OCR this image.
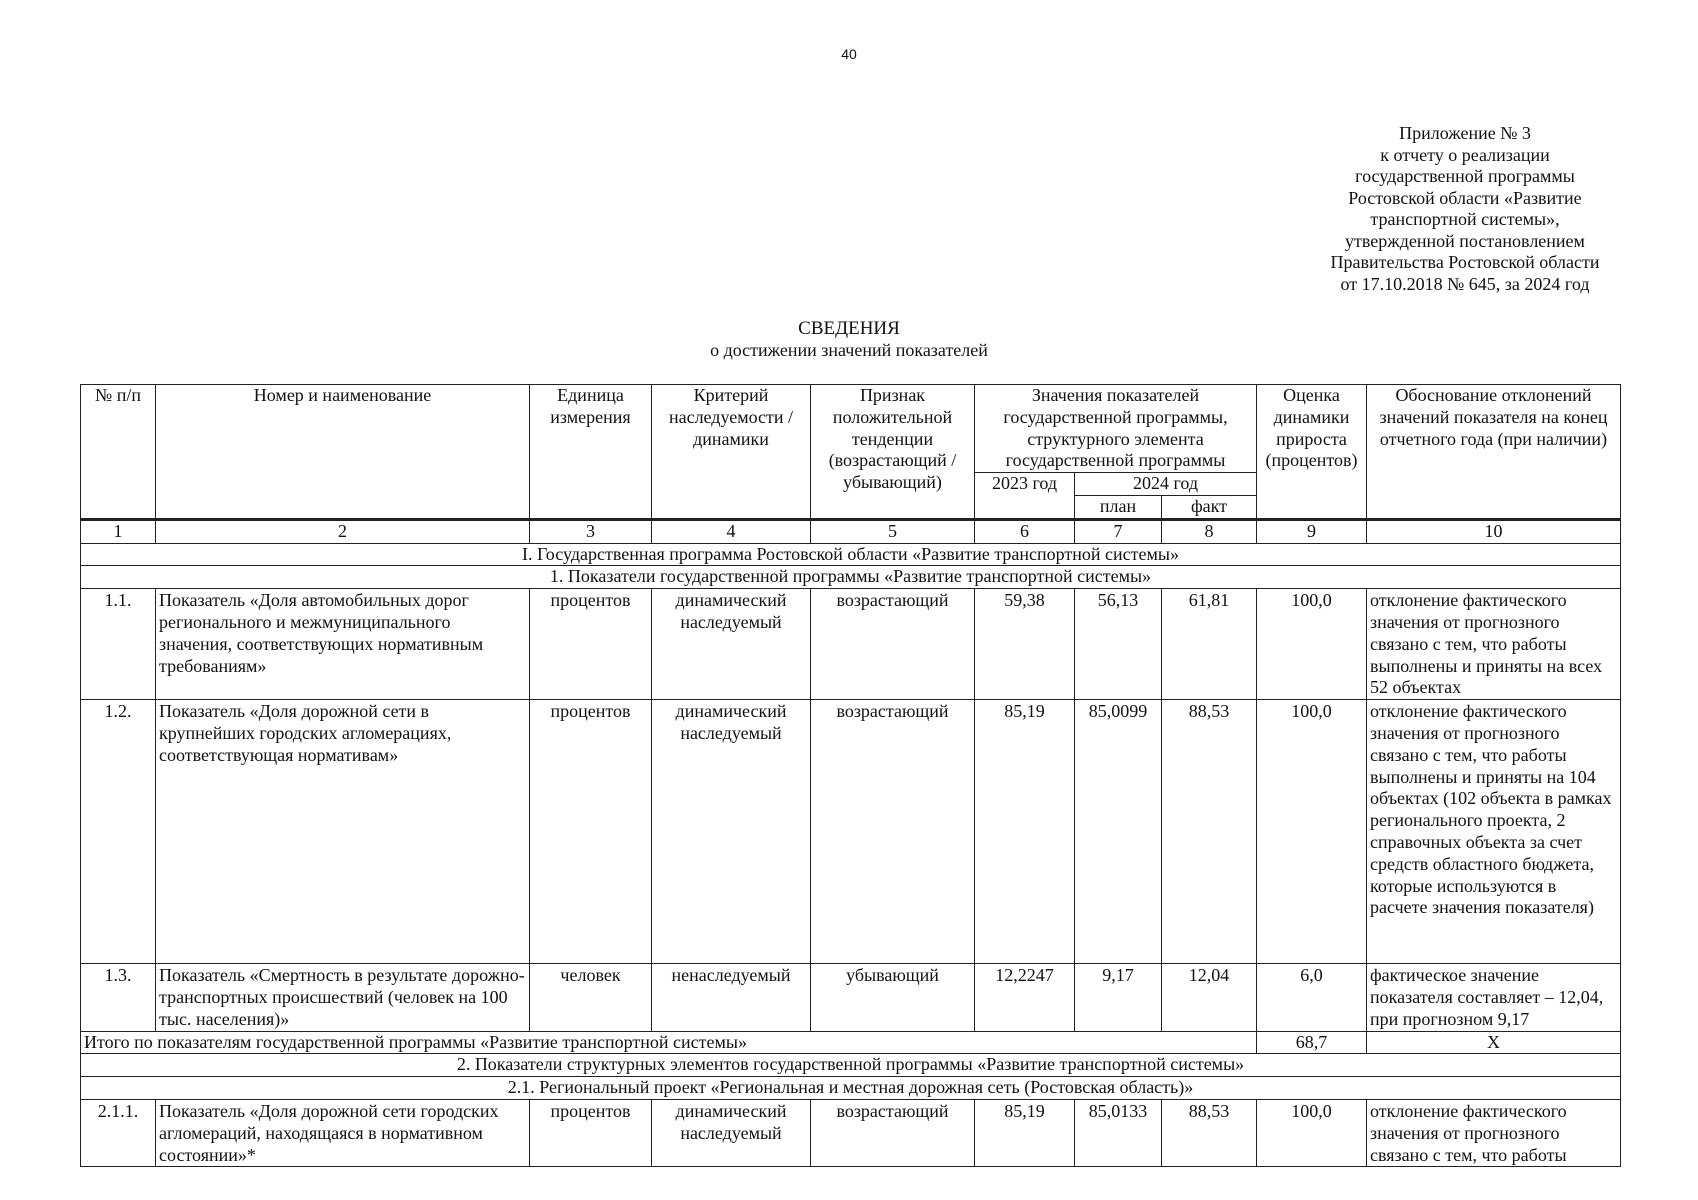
40
Приложение № 3
к отчету о реализации
государственной программы
Ростовской области «Развитие
транспортной системы»,
утвержденной постановлением
Правительства Ростовской области
от 17.10.2018 № 645, за 2024 год
СВЕДЕНИЯ
о достижении значений показателей
№ п/п	Номер и наименование	Единица измерения	Критерий наследуемости / динамики	Признак положительной тенденции (возрастающий / убывающий)	Значения показателей государственной программы, структурного элемента государственной программы			Оценка динамики прироста (процентов)	Обоснование отклонений значений показателя на конец отчетного года (при наличии)
					2023 год	2024 год			
						план	факт		
1	2	3	4	5	6	7	8	9	10
I. Государственная программа Ростовской области «Развитие транспортной системы»									
1. Показатели государственной программы «Развитие транспортной системы»									
1.1.	Показатель «Доля автомобильных дорог регионального и межмуниципального значения, соответствующих нормативным требованиям»	процентов	динамический наследуемый	возрастающий	59,38	56,13	61,81	100,0	отклонение фактического значения от прогнозного связано с тем, что работы выполнены и приняты на всех 52 объектах
1.2.	Показатель «Доля дорожной сети в крупнейших городских агломерациях, соответствующая нормативам»	процентов	динамический наследуемый	возрастающий	85,19	85,0099	88,53	100,0	отклонение фактического значения от прогнозного связано с тем, что работы выполнены и приняты на 104 объектах (102 объекта в рамках регионального проекта, 2 справочных объекта за счет средств областного бюджета, которые используются в расчете значения показателя)
1.3.	Показатель «Смертность в результате дорожно-транспортных происшествий (человек на 100 тыс. населения)»	человек	ненаследуемый	убывающий	12,2247	9,17	12,04	6,0	фактическое значение показателя составляет – 12,04, при прогнозном 9,17
Итого по показателям государственной программы «Развитие транспортной системы»								68,7	Х
2. Показатели структурных элементов государственной программы «Развитие транспортной системы»									
2.1. Региональный проект «Региональная и местная дорожная сеть (Ростовская область)»									
2.1.1.	Показатель «Доля дорожной сети городских агломераций, находящаяся в нормативном состоянии»*	процентов	динамический наследуемый	возрастающий	85,19	85,0133	88,53	100,0	отклонение фактического значения от прогнозного связано с тем, что работы
